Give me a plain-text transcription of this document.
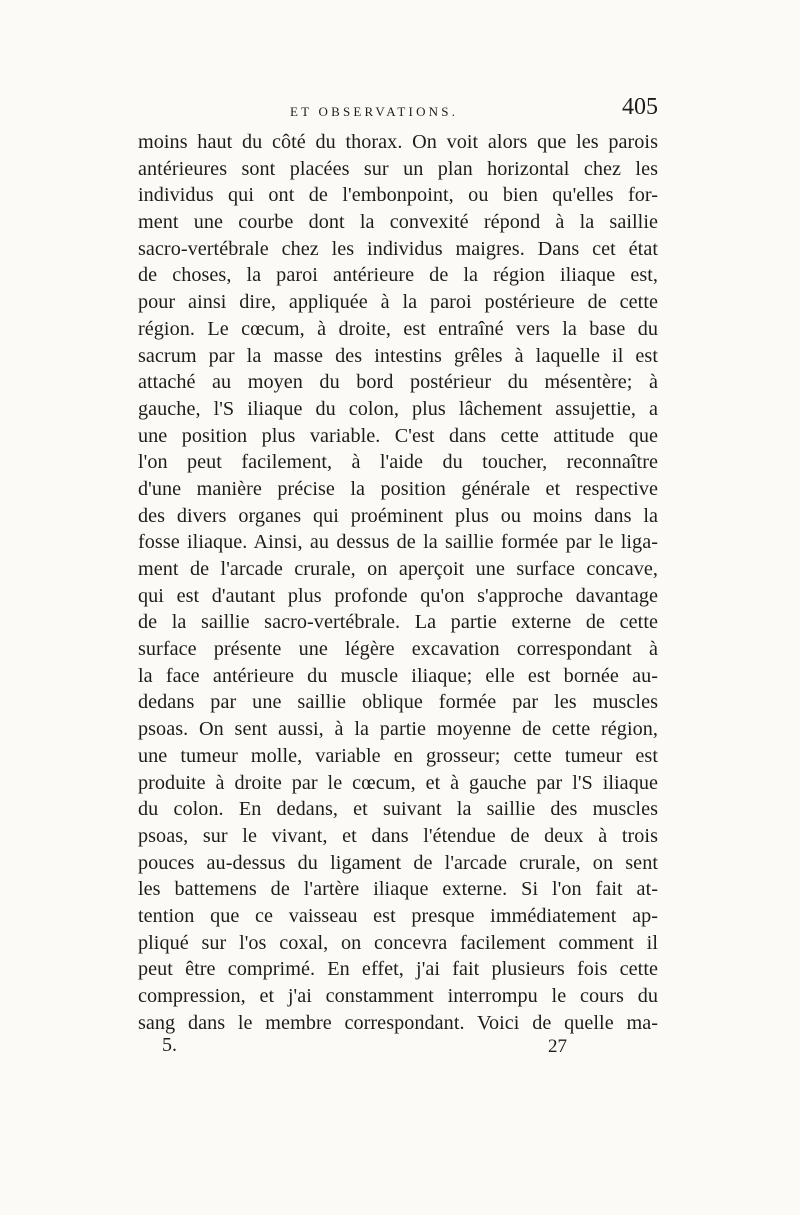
ET OBSERVATIONS.	405
moins haut du côté du thorax. On voit alors que les parois
antérieures sont placées sur un plan horizontal chez les
individus qui ont de l'embonpoint, ou bien qu'elles for-
ment une courbe dont la convexité répond à la saillie
sacro-vertébrale chez les individus maigres. Dans cet état
de choses, la paroi antérieure de la région iliaque est,
pour ainsi dire, appliquée à la paroi postérieure de cette
région. Le cœcum, à droite, est entraîné vers la base du
sacrum par la masse des intestins grêles à laquelle il est
attaché au moyen du bord postérieur du mésentère; à
gauche, l'S iliaque du colon, plus lâchement assujettie, a
une position plus variable. C'est dans cette attitude que
l'on peut facilement, à l'aide du toucher, reconnaître
d'une manière précise la position générale et respective
des divers organes qui proéminent plus ou moins dans la
fosse iliaque. Ainsi, au dessus de la saillie formée par le liga-
ment de l'arcade crurale, on aperçoit une surface concave,
qui est d'autant plus profonde qu'on s'approche davantage
de la saillie sacro-vertébrale. La partie externe de cette
surface présente une légère excavation correspondant à
la face antérieure du muscle iliaque; elle est bornée au-
dedans par une saillie oblique formée par les muscles
psoas. On sent aussi, à la partie moyenne de cette région,
une tumeur molle, variable en grosseur; cette tumeur est
produite à droite par le cœcum, et à gauche par l'S iliaque
du colon. En dedans, et suivant la saillie des muscles
psoas, sur le vivant, et dans l'étendue de deux à trois
pouces au-dessus du ligament de l'arcade crurale, on sent
les battemens de l'artère iliaque externe. Si l'on fait at-
tention que ce vaisseau est presque immédiatement ap-
pliqué sur l'os coxal, on concevra facilement comment il
peut être comprimé. En effet, j'ai fait plusieurs fois cette
compression, et j'ai constamment interrompu le cours du
sang dans le membre correspondant. Voici de quelle ma-
5.	27
